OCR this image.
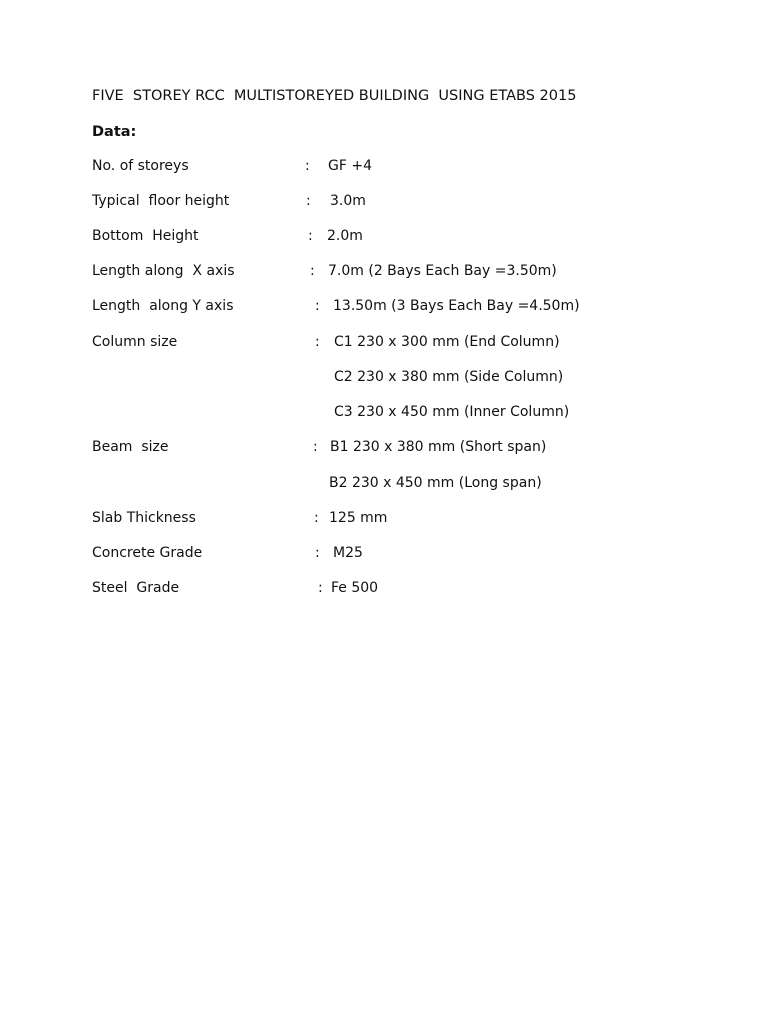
FIVE  STOREY RCC  MULTISTOREYED BUILDING  USING ETABS 2015
Data:
No. of storeys	: GF +4
Typical  floor height	: 3.0m
Bottom  Height	: 2.0m
Length along  X axis	: 7.0m (2 Bays Each Bay =3.50m)
Length  along Y axis	: 13.50m (3 Bays Each Bay =4.50m)
Column size	: C1 230 x 300 mm (End Column)
C2 230 x 380 mm (Side Column)
C3 230 x 450 mm (Inner Column)
Beam  size	: B1 230 x 380 mm (Short span)
B2 230 x 450 mm (Long span)
Slab Thickness	: 125 mm
Concrete Grade	: M25
Steel  Grade	: Fe 500
